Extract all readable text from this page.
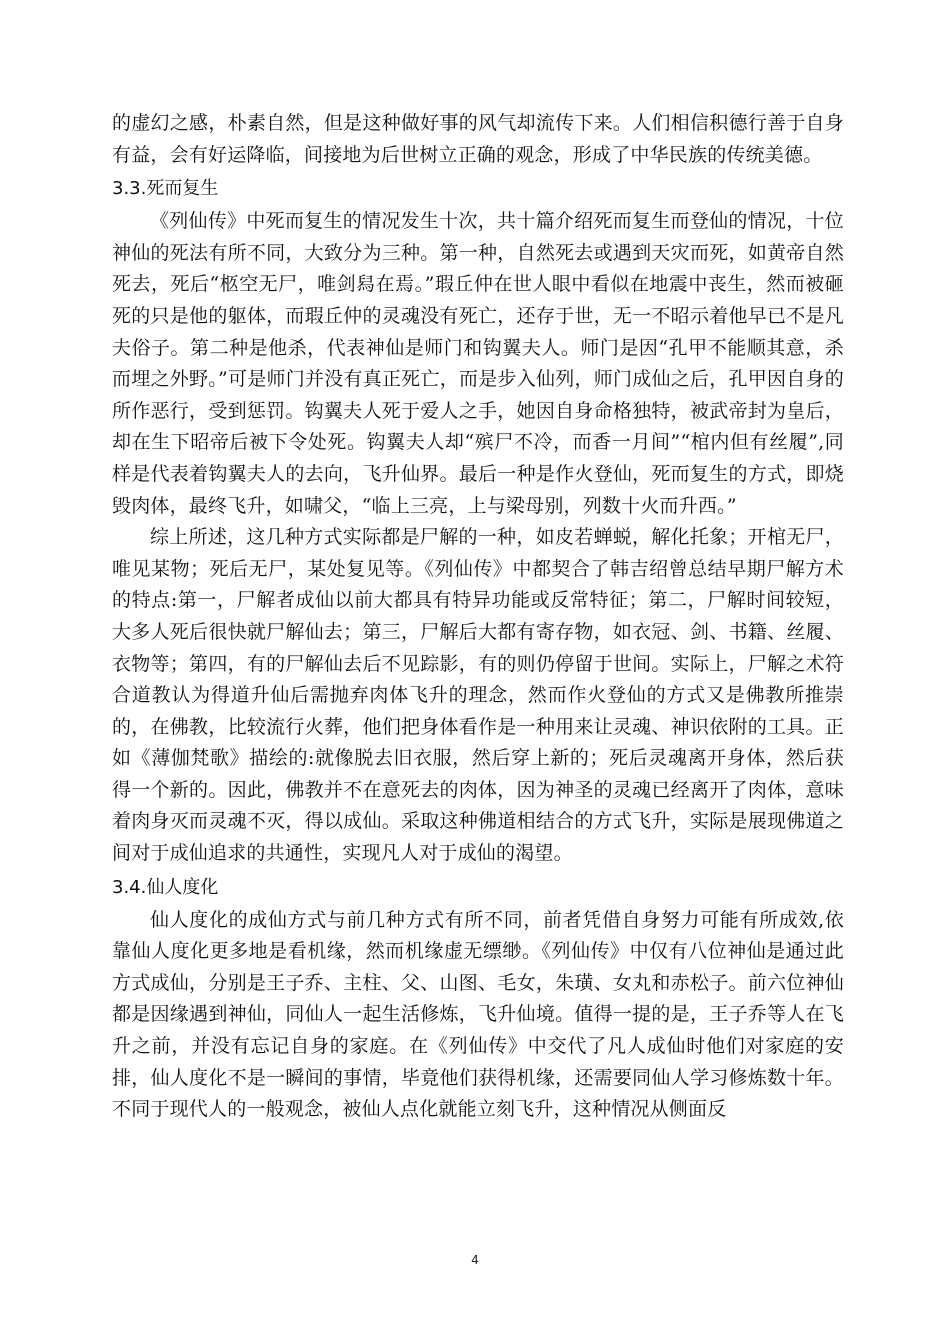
的虚幻之感，朴素自然，但是这种做好事的风气却流传下来。人们相信积德行善于自身有益，会有好运降临，间接地为后世树立正确的观念，形成了中华民族的传统美德。

3.3.死而复生

《列仙传》中死而复生的情况发生十次，共十篇介绍死而复生而登仙的情况，十位神仙的死法有所不同，大致分为三种。第一种，自然死去或遇到天灾而死，如黄帝自然死去，死后“柩空无尸，唯剑舄在焉。”瑕丘仲在世人眼中看似在地震中丧生，然而被砸死的只是他的躯体，而瑕丘仲的灵魂没有死亡，还存于世，无一不昭示着他早已不是凡夫俗子。第二种是他杀，代表神仙是师门和钩翼夫人。师门是因“孔甲不能顺其意，杀而埋之外野。”可是师门并没有真正死亡，而是步入仙列，师门成仙之后，孔甲因自身的所作恶行，受到惩罚。钩翼夫人死于爱人之手，她因自身命格独特，被武帝封为皇后，却在生下昭帝后被下令处死。钩翼夫人却“殡尸不冷，而香一月间”“棺内但有丝履”,同样是代表着钩翼夫人的去向，飞升仙界。最后一种是作火登仙，死而复生的方式，即烧毁肉体，最终飞升，如啸父，“临上三亮，上与梁母别，列数十火而升西。”

综上所述，这几种方式实际都是尸解的一种，如皮若蝉蜕，解化托象；开棺无尸，唯见某物；死后无尸，某处复见等。《列仙传》中都契合了韩吉绍曾总结早期尸解方术的特点:第一，尸解者成仙以前大都具有特异功能或反常特征；第二，尸解时间较短，大多人死后很快就尸解仙去；第三，尸解后大都有寄存物，如衣冠、剑、书籍、丝履、衣物等；第四，有的尸解仙去后不见踪影，有的则仍停留于世间。实际上，尸解之术符合道教认为得道升仙后需抛弃肉体飞升的理念，然而作火登仙的方式又是佛教所推崇的，在佛教，比较流行火葬，他们把身体看作是一种用来让灵魂、神识依附的工具。正如《薄伽梵歌》描绘的:就像脱去旧衣服，然后穿上新的；死后灵魂离开身体，然后获得一个新的。因此，佛教并不在意死去的肉体，因为神圣的灵魂已经离开了肉体，意味着肉身灭而灵魂不灭，得以成仙。采取这种佛道相结合的方式飞升，实际是展现佛道之间对于成仙追求的共通性，实现凡人对于成仙的渴望。

3.4.仙人度化

仙人度化的成仙方式与前几种方式有所不同，前者凭借自身努力可能有所成效,依靠仙人度化更多地是看机缘，然而机缘虚无缥缈。《列仙传》中仅有八位神仙是通过此方式成仙，分别是王子乔、主柱、父、山图、毛女，朱璜、女丸和赤松子。前六位神仙都是因缘遇到神仙，同仙人一起生活修炼，飞升仙境。值得一提的是，王子乔等人在飞升之前，并没有忘记自身的家庭。在《列仙传》中交代了凡人成仙时他们对家庭的安排，仙人度化不是一瞬间的事情，毕竟他们获得机缘，还需要同仙人学习修炼数十年。不同于现代人的一般观念，被仙人点化就能立刻飞升，这种情况从侧面反

4
